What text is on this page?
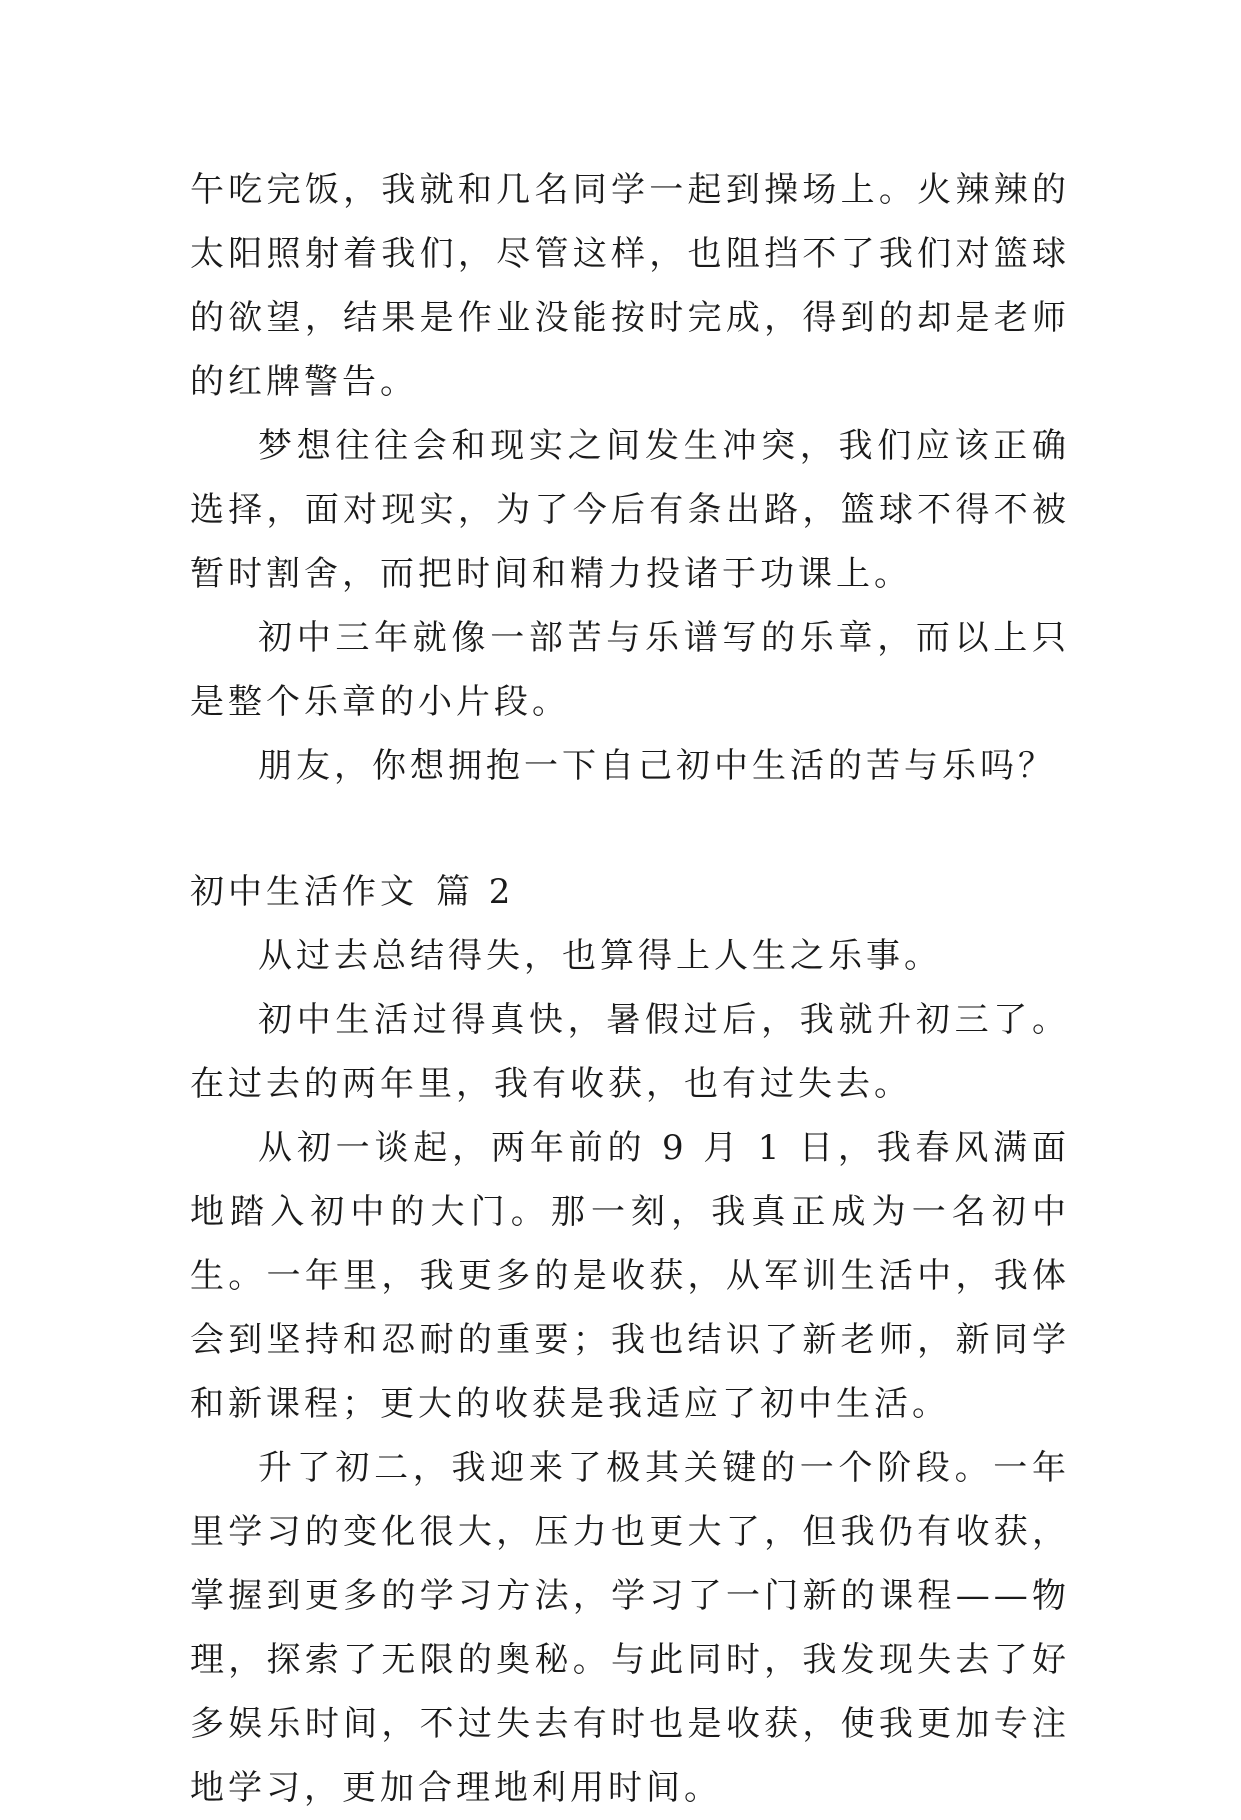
午吃完饭，我就和几名同学一起到操场上。火辣辣的太阳照射着我们，尽管这样，也阻挡不了我们对篮球的欲望，结果是作业没能按时完成，得到的却是老师的红牌警告。

梦想往往会和现实之间发生冲突，我们应该正确选择，面对现实，为了今后有条出路，篮球不得不被暂时割舍，而把时间和精力投诸于功课上。

初中三年就像一部苦与乐谱写的乐章，而以上只是整个乐章的小片段。

朋友，你想拥抱一下自己初中生活的苦与乐吗？

初中生活作文 篇 2

从过去总结得失，也算得上人生之乐事。

初中生活过得真快，暑假过后，我就升初三了。在过去的两年里，我有收获，也有过失去。

从初一谈起，两年前的 9 月 1 日，我春风满面地踏入初中的大门。那一刻，我真正成为一名初中生。一年里，我更多的是收获，从军训生活中，我体会到坚持和忍耐的重要；我也结识了新老师，新同学和新课程；更大的收获是我适应了初中生活。

升了初二，我迎来了极其关键的一个阶段。一年里学习的变化很大，压力也更大了，但我仍有收获，掌握到更多的学习方法，学习了一门新的课程——物理，探索了无限的奥秘。与此同时，我发现失去了好多娱乐时间，不过失去有时也是收获，使我更加专注地学习，更加合理地利用时间。
